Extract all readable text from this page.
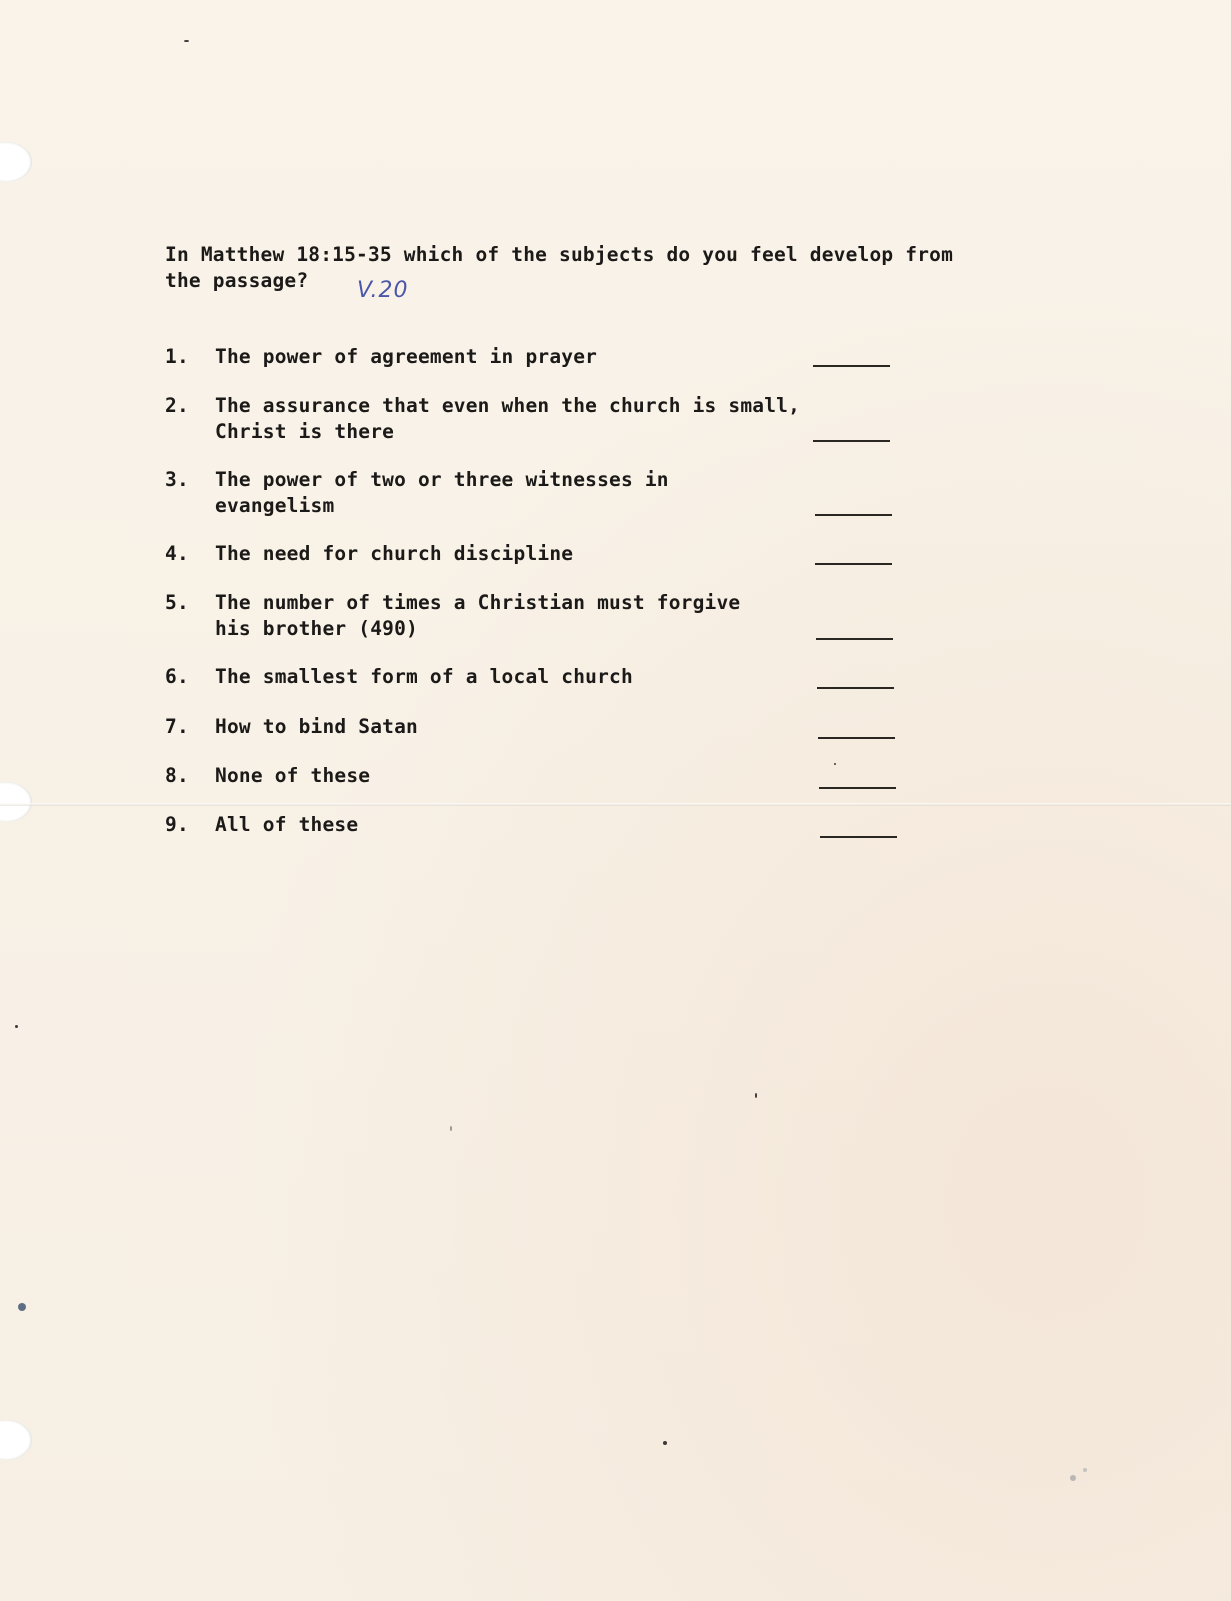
In Matthew 18:15-35 which of the subjects do you feel develop from
the passage?	V.20
1.	The power of agreement in prayer
2.	The assurance that even when the church is small,
Christ is there
3.	The power of two or three witnesses in
evangelism
4.	The need for church discipline
5.	The number of times a Christian must forgive
his brother (490)
6.	The smallest form of a local church
7.	How to bind Satan
8.	None of these
9.	All of these
